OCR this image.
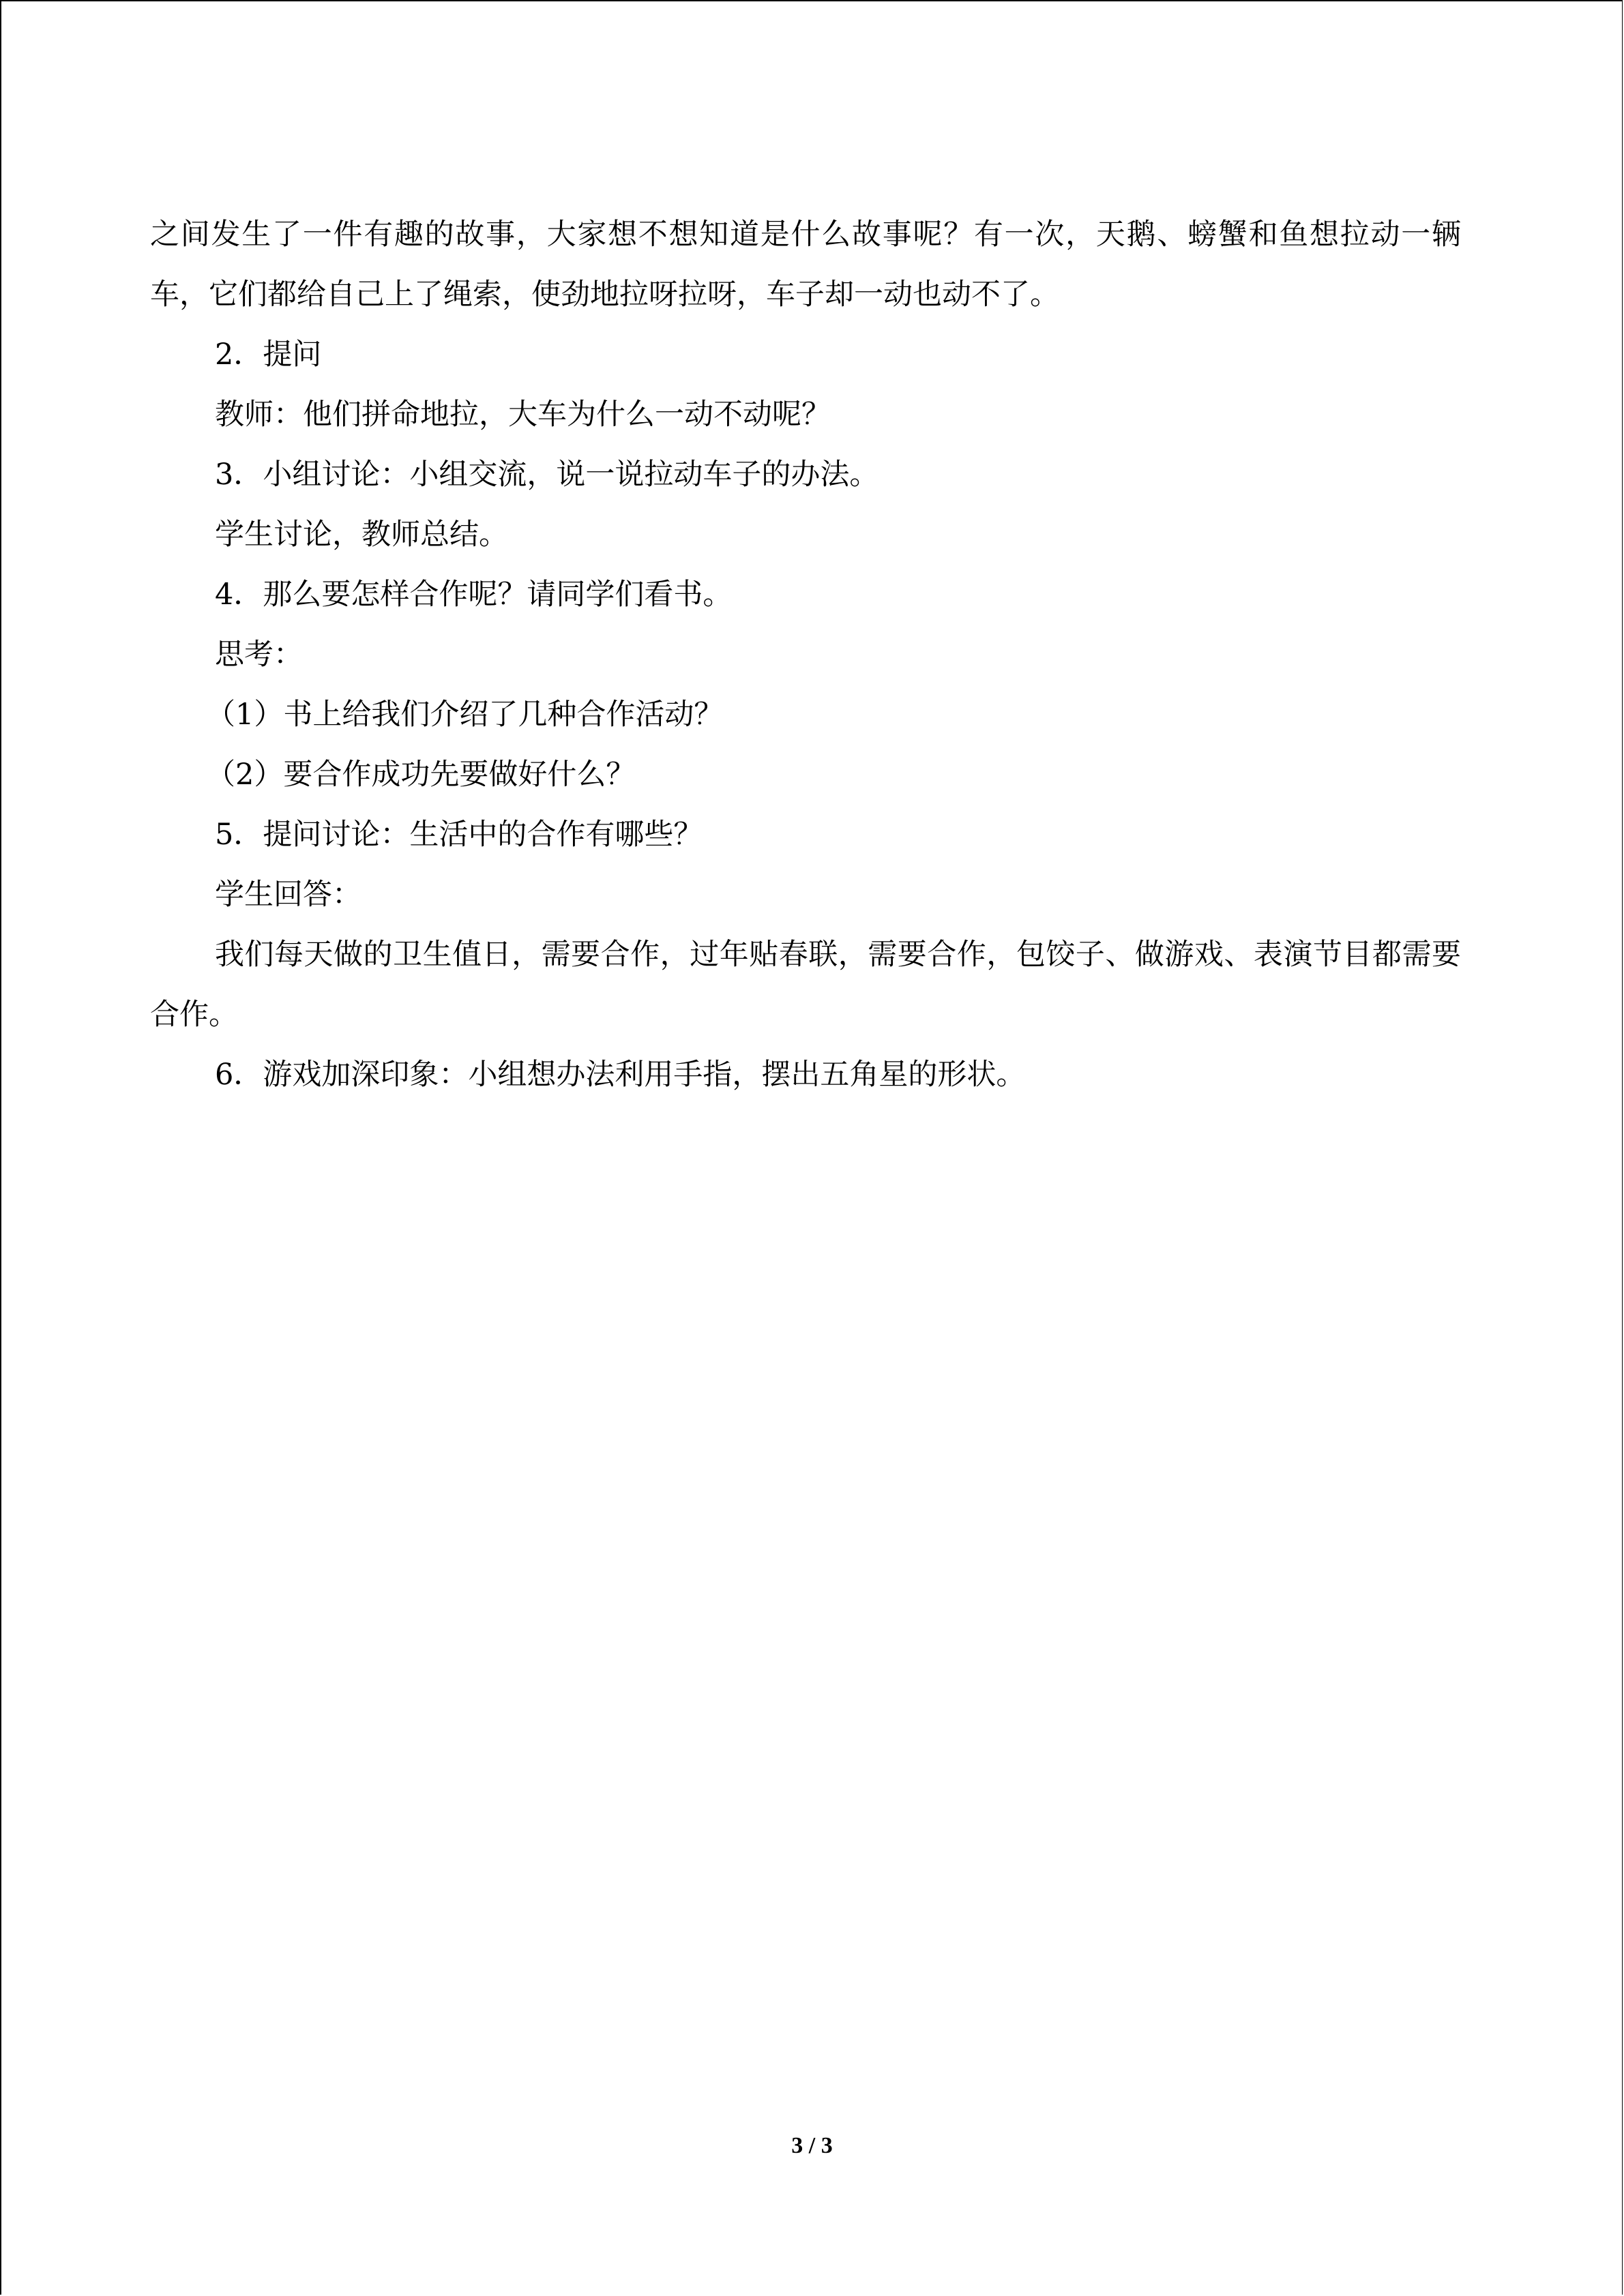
之间发生了一件有趣的故事，大家想不想知道是什么故事呢？有一次，天鹅、螃蟹和鱼想拉动一辆车，它们都给自己上了绳索，使劲地拉呀拉呀，车子却一动也动不了。
2．提问
教师：他们拼命地拉，大车为什么一动不动呢？
3．小组讨论：小组交流，说一说拉动车子的办法。
学生讨论，教师总结。
4．那么要怎样合作呢？请同学们看书。
思考：
（1）书上给我们介绍了几种合作活动？
（2）要合作成功先要做好什么？
5．提问讨论：生活中的合作有哪些？
学生回答：
我们每天做的卫生值日，需要合作，过年贴春联，需要合作，包饺子、做游戏、表演节目都需要合作。
6．游戏加深印象：小组想办法利用手指，摆出五角星的形状。
3 / 3
